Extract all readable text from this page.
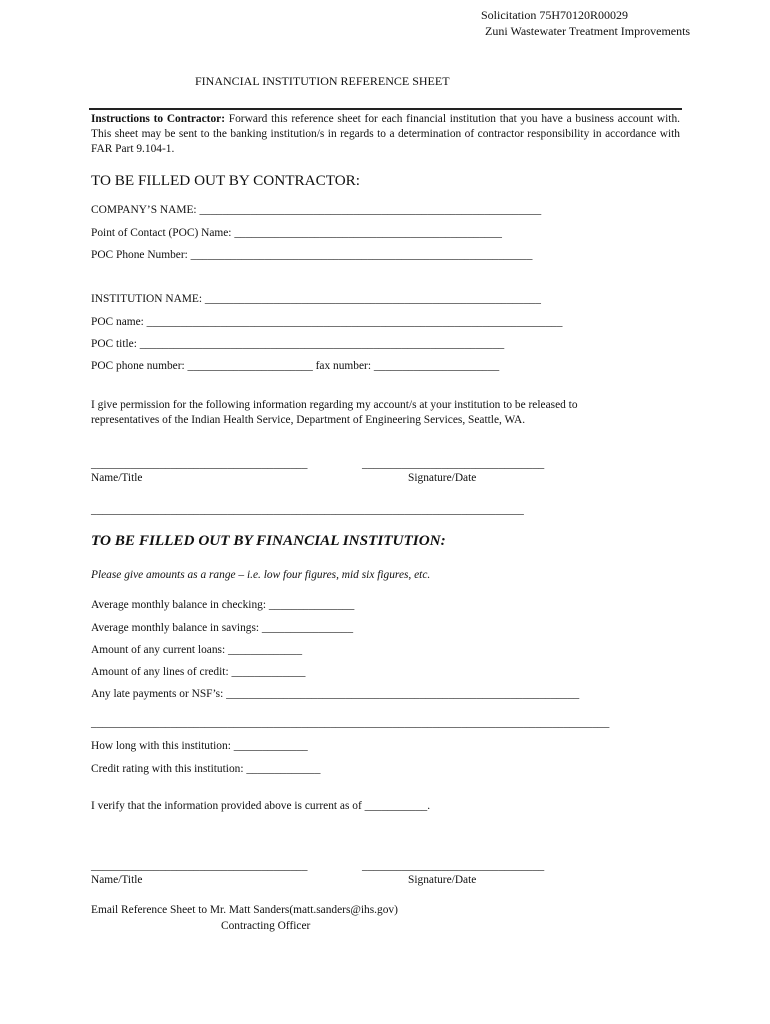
Solicitation 75H70120R00029
Zuni Wastewater Treatment Improvements
FINANCIAL INSTITUTION REFERENCE SHEET
Instructions to Contractor: Forward this reference sheet for each financial institution that you have a business account with. This sheet may be sent to the banking institution/s in regards to a determination of contractor responsibility in accordance with FAR Part 9.104-1.
TO BE FILLED OUT BY CONTRACTOR:
COMPANY’S NAME: ____________________________________________________________
Point of Contact (POC) Name: _______________________________________________
POC Phone Number: ____________________________________________________________
INSTITUTION NAME: ___________________________________________________________
POC name: _________________________________________________________________________
POC title: ________________________________________________________________
POC phone number: ______________________ fax number: ______________________
I give permission for the following information regarding my account/s at your institution to be released to representatives of the Indian Health Service, Department of Engineering Services, Seattle, WA.
______________________________________	________________________________
Name/Title	Signature/Date
____________________________________________________________________________
TO BE FILLED OUT BY FINANCIAL INSTITUTION:
Please give amounts as a range – i.e. low four figures, mid six figures, etc.
Average monthly balance in checking: _______________
Average monthly balance in savings: ________________
Amount of any current loans: _____________
Amount of any lines of credit: _____________
Any late payments or NSF’s: ______________________________________________________________
___________________________________________________________________________________________
How long with this institution: _____________
Credit rating with this institution: _____________
I verify that the information provided above is current as of ___________.
______________________________________	________________________________
Name/Title	Signature/Date
Email Reference Sheet to Mr. Matt Sanders(matt.sanders@ihs.gov)
Contracting Officer
